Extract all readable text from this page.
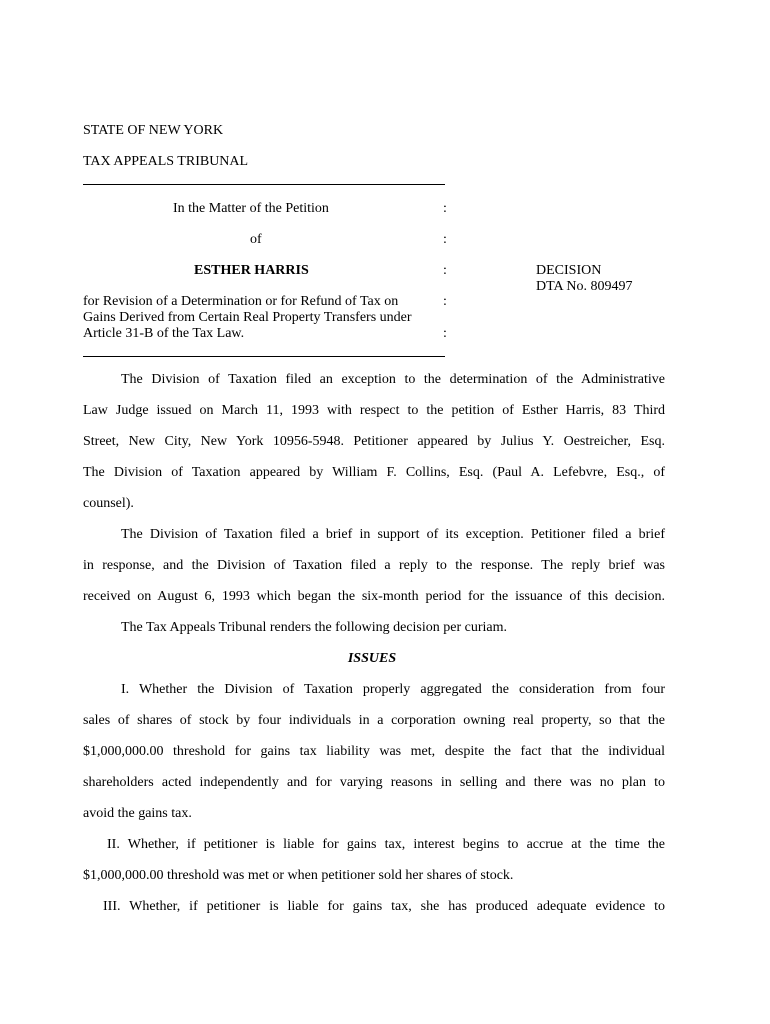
STATE OF NEW YORK
TAX APPEALS TRIBUNAL
In the Matter of the Petition	:
of	:
ESTHER HARRIS	:	DECISION
DTA No. 809497
for Revision of a Determination or for Refund of Tax on	:
Gains Derived from Certain Real Property Transfers under
Article 31-B of the Tax Law.	:
The Division of Taxation filed an exception to the determination of the Administrative
Law Judge issued on March 11, 1993 with respect to the petition of Esther Harris, 83 Third
Street, New City, New York 10956-5948. Petitioner appeared by Julius Y. Oestreicher, Esq.
The Division of Taxation appeared by William F. Collins, Esq. (Paul A. Lefebvre, Esq., of
counsel).
The Division of Taxation filed a brief in support of its exception. Petitioner filed a brief
in response, and the Division of Taxation filed a reply to the response. The reply brief was
received on August 6, 1993 which began the six-month period for the issuance of this decision.
The Tax Appeals Tribunal renders the following decision per curiam.
ISSUES
I. Whether the Division of Taxation properly aggregated the consideration from four
sales of shares of stock by four individuals in a corporation owning real property, so that the
$1,000,000.00 threshold for gains tax liability was met, despite the fact that the individual
shareholders acted independently and for varying reasons in selling and there was no plan to
avoid the gains tax.
II. Whether, if petitioner is liable for gains tax, interest begins to accrue at the time the
$1,000,000.00 threshold was met or when petitioner sold her shares of stock.
III. Whether, if petitioner is liable for gains tax, she has produced adequate evidence to
